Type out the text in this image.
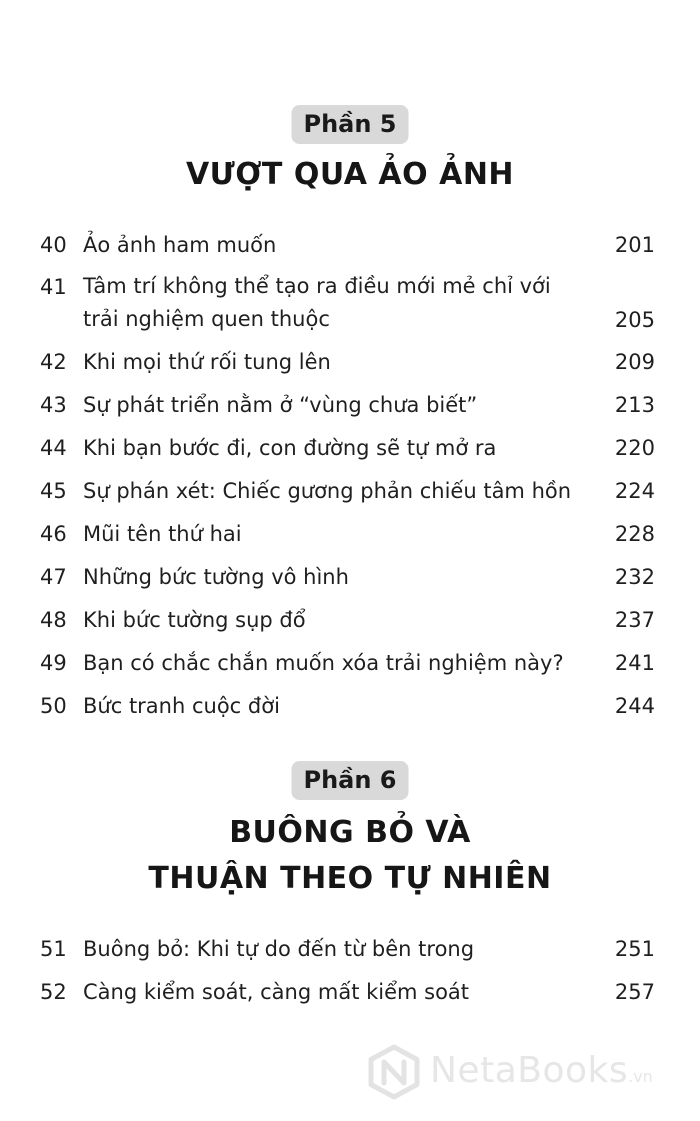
Phần 5
VƯỢT QUA ẢO ẢNH
40 Ảo ảnh ham muốn	201
41 Tâm trí không thể tạo ra điều mới mẻ chỉ với trải nghiệm quen thuộc	205
42 Khi mọi thứ rối tung lên	209
43 Sự phát triển nằm ở “vùng chưa biết”	213
44 Khi bạn bước đi, con đường sẽ tự mở ra	220
45 Sự phán xét: Chiếc gương phản chiếu tâm hồn 224
46 Mũi tên thứ hai	228
47 Những bức tường vô hình	232
48 Khi bức tường sụp đổ	237
49 Bạn có chắc chắn muốn xóa trải nghiệm này? 241
50 Bức tranh cuộc đời	244
Phần 6
BUÔNG BỎ VÀ
THUẬN THEO TỰ NHIÊN
51 Buông bỏ: Khi tự do đến từ bên trong	251
52 Càng kiểm soát, càng mất kiểm soát	257
NetaBooks.vn
